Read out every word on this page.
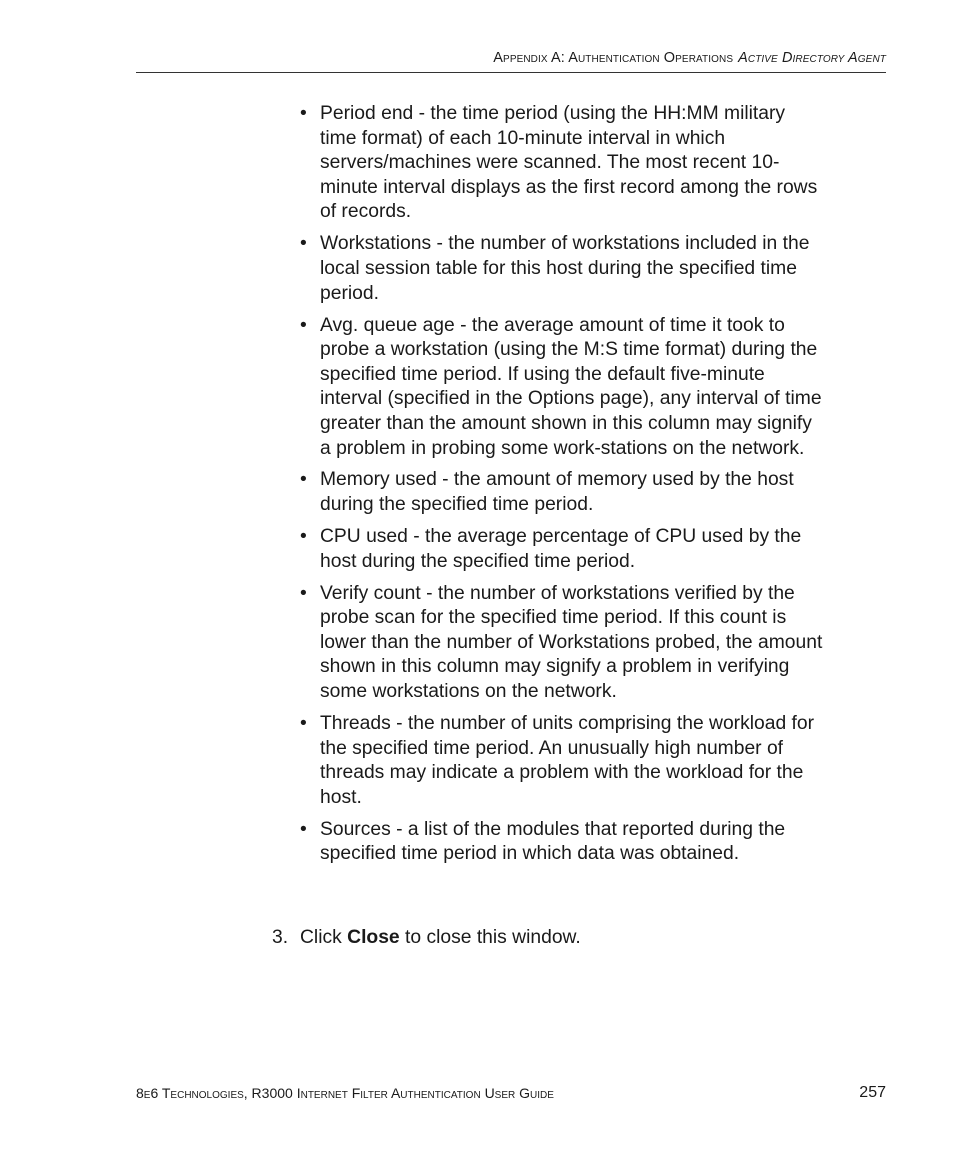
Appendix A: Authentication Operations Active Directory Agent
• Period end - the time period (using the HH:MM military time format) of each 10-minute interval in which servers/machines were scanned. The most recent 10-minute interval displays as the first record among the rows of records.
• Workstations - the number of workstations included in the local session table for this host during the specified time period.
• Avg. queue age - the average amount of time it took to probe a workstation (using the M:S time format) during the specified time period. If using the default five-minute interval (specified in the Options page), any interval of time greater than the amount shown in this column may signify a problem in probing some work-stations on the network.
• Memory used - the amount of memory used by the host during the specified time period.
• CPU used - the average percentage of CPU used by the host during the specified time period.
• Verify count - the number of workstations verified by the probe scan for the specified time period. If this count is lower than the number of Workstations probed, the amount shown in this column may signify a problem in verifying some workstations on the network.
• Threads - the number of units comprising the workload for the specified time period. An unusually high number of threads may indicate a problem with the workload for the host.
• Sources - a list of the modules that reported during the specified time period in which data was obtained.
3. Click Close to close this window.
8e6 Technologies, R3000 Internet Filter Authentication User Guide	257
